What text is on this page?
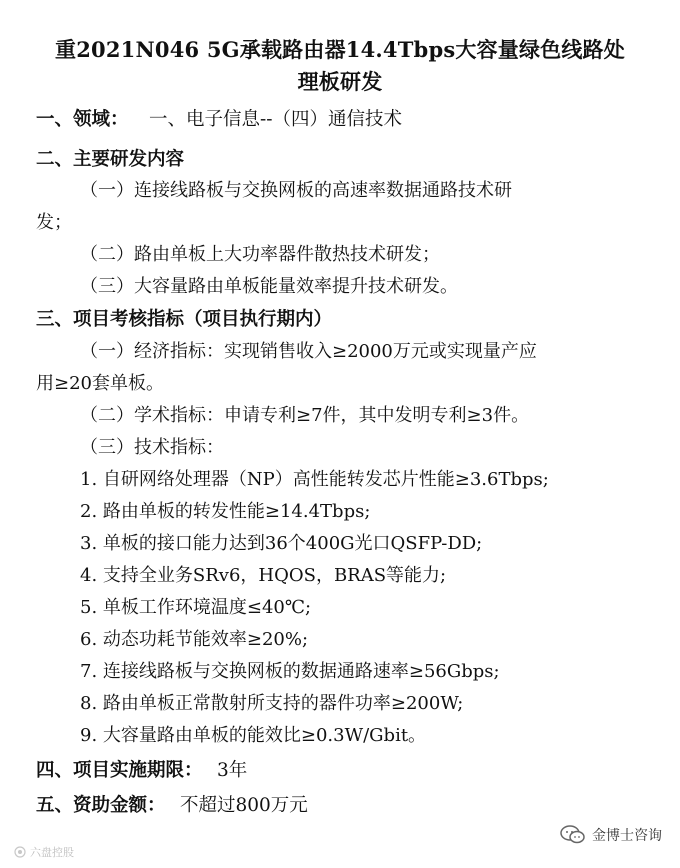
重2021N046 5G承载路由器14.4Tbps大容量绿色线路处
理板研发
一、领域： 一、电子信息--（四）通信技术
二、主要研发内容
（一）连接线路板与交换网板的高速率数据通路技术研
发；
（二）路由单板上大功率器件散热技术研发；
（三）大容量路由单板能量效率提升技术研发。
三、项目考核指标（项目执行期内）
（一）经济指标：实现销售收入≥2000万元或实现量产应
用≥20套单板。
（二）学术指标：申请专利≥7件，其中发明专利≥3件。
（三）技术指标：
1. 自研网络处理器（NP）高性能转发芯片性能≥3.6Tbps;
2. 路由单板的转发性能≥14.4Tbps;
3. 单板的接口能力达到36个400G光口QSFP-DD;
4. 支持全业务SRv6，HQOS，BRAS等能力;
5. 单板工作环境温度≤40℃;
6. 动态功耗节能效率≥20%;
7. 连接线路板与交换网板的数据通路速率≥56Gbps;
8. 路由单板正常散射所支持的器件功率≥200W;
9. 大容量路由单板的能效比≥0.3W/Gbit。
四、项目实施期限： 3年
五、资助金额： 不超过800万元
六盘控股
金博士咨询
